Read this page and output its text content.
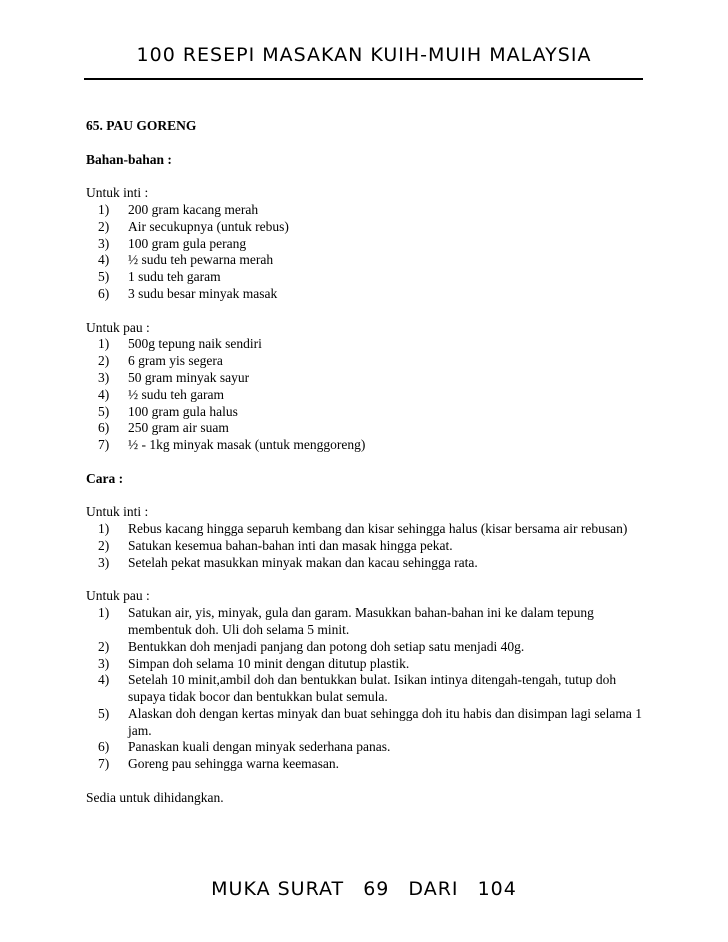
100 RESEPI MASAKAN KUIH-MUIH MALAYSIA
65. PAU GORENG
Bahan-bahan :
Untuk inti :
1) 200 gram kacang merah
2) Air secukupnya (untuk rebus)
3) 100 gram gula perang
4) ½ sudu teh pewarna merah
5) 1 sudu teh garam
6) 3 sudu besar minyak masak
Untuk pau :
1) 500g tepung naik sendiri
2) 6 gram yis segera
3) 50 gram minyak sayur
4) ½ sudu teh garam
5) 100 gram gula halus
6) 250 gram air suam
7) ½ - 1kg minyak masak (untuk menggoreng)
Cara :
Untuk inti :
1) Rebus kacang hingga separuh kembang dan kisar sehingga halus (kisar bersama air rebusan)
2) Satukan kesemua bahan-bahan inti dan masak hingga pekat.
3) Setelah pekat masukkan minyak makan dan kacau sehingga rata.
Untuk pau :
1) Satukan air, yis, minyak, gula dan garam. Masukkan bahan-bahan ini ke dalam tepung membentuk doh. Uli doh selama 5 minit.
2) Bentukkan doh menjadi panjang dan potong doh setiap satu menjadi 40g.
3) Simpan doh selama 10 minit dengan ditutup plastik.
4) Setelah 10 minit,ambil doh dan bentukkan bulat. Isikan intinya ditengah-tengah, tutup doh supaya tidak bocor dan bentukkan bulat semula.
5) Alaskan doh dengan kertas minyak dan buat sehingga doh itu habis dan disimpan lagi selama 1 jam.
6) Panaskan kuali dengan minyak sederhana panas.
7) Goreng pau sehingga warna keemasan.
Sedia untuk dihidangkan.
MUKA SURAT 69 DARI 104
